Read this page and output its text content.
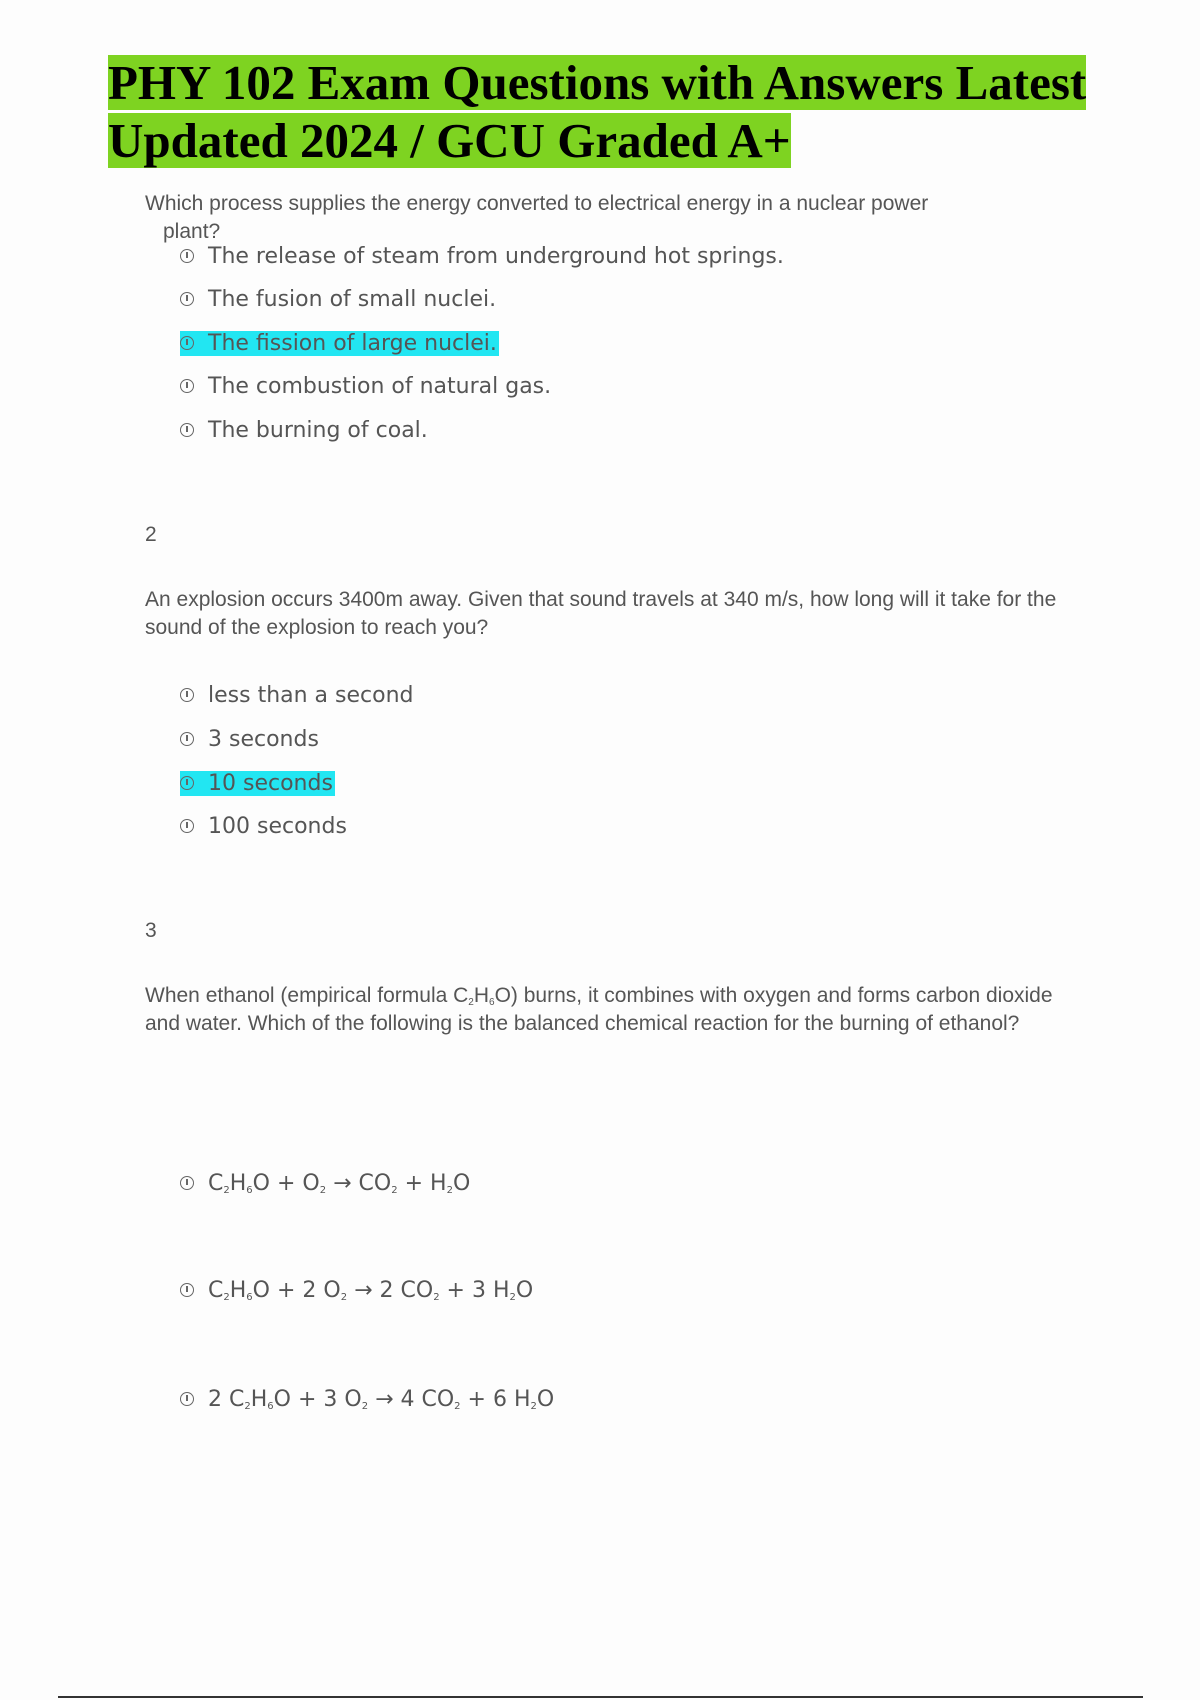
PHY 102 Exam Questions with Answers Latest Updated 2024 / GCU Graded A+
Which process supplies the energy converted to electrical energy in a nuclear power
plant?
The release of steam from underground hot springs.
The fusion of small nuclei.
The fission of large nuclei.
The combustion of natural gas.
The burning of coal.
2
An explosion occurs 3400m away. Given that sound travels at 340 m/s, how long will it take for the sound of the explosion to reach you?
less than a second
3 seconds
10 seconds
100 seconds
3
When ethanol (empirical formula $C_2H_6O$) burns, it combines with oxygen and forms carbon dioxide and water. Which of the following is the balanced chemical reaction for the burning of ethanol?
$C_2H_6O + O_2 \to CO_2 + H_2O$
$C_2H_6O + 2$ $O_2 \to 2$ $CO_2 + 3$ $H_2O$
2 $C_2H_6O + 3$ $O_2 \to 4$ $CO_2 + 6$ $H_2O$
